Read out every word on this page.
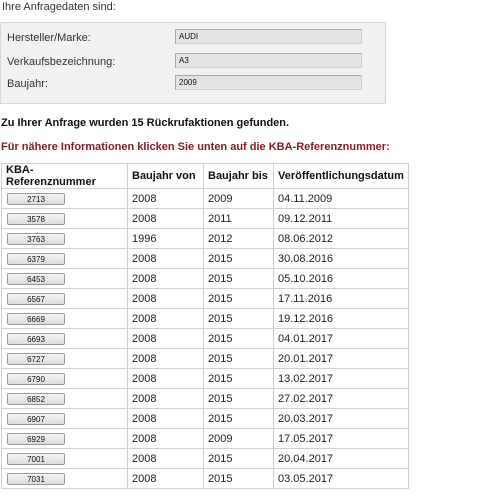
Ihre Anfragedaten sind:
Hersteller/Marke:	AUDI
Verkaufsbezeichnung:	A3
Baujahr:	2009
Zu Ihrer Anfrage wurden 15 Rückrufaktionen gefunden.
Für nähere Informationen klicken Sie unten auf die KBA-Referenznummer:
KBA-Referenznummer	Baujahr von	Baujahr bis	Veröffentlichungsdatum
2713	2008	2009	04.11.2009
3578	2008	2011	09.12.2011
3763	1996	2012	08.06.2012
6379	2008	2015	30.08.2016
6453	2008	2015	05.10.2016
6567	2008	2015	17.11.2016
6669	2008	2015	19.12.2016
6693	2008	2015	04.01.2017
6727	2008	2015	20.01.2017
6790	2008	2015	13.02.2017
6852	2008	2015	27.02.2017
6907	2008	2015	20.03.2017
6929	2008	2009	17.05.2017
7001	2008	2015	20.04.2017
7031	2008	2015	03.05.2017
